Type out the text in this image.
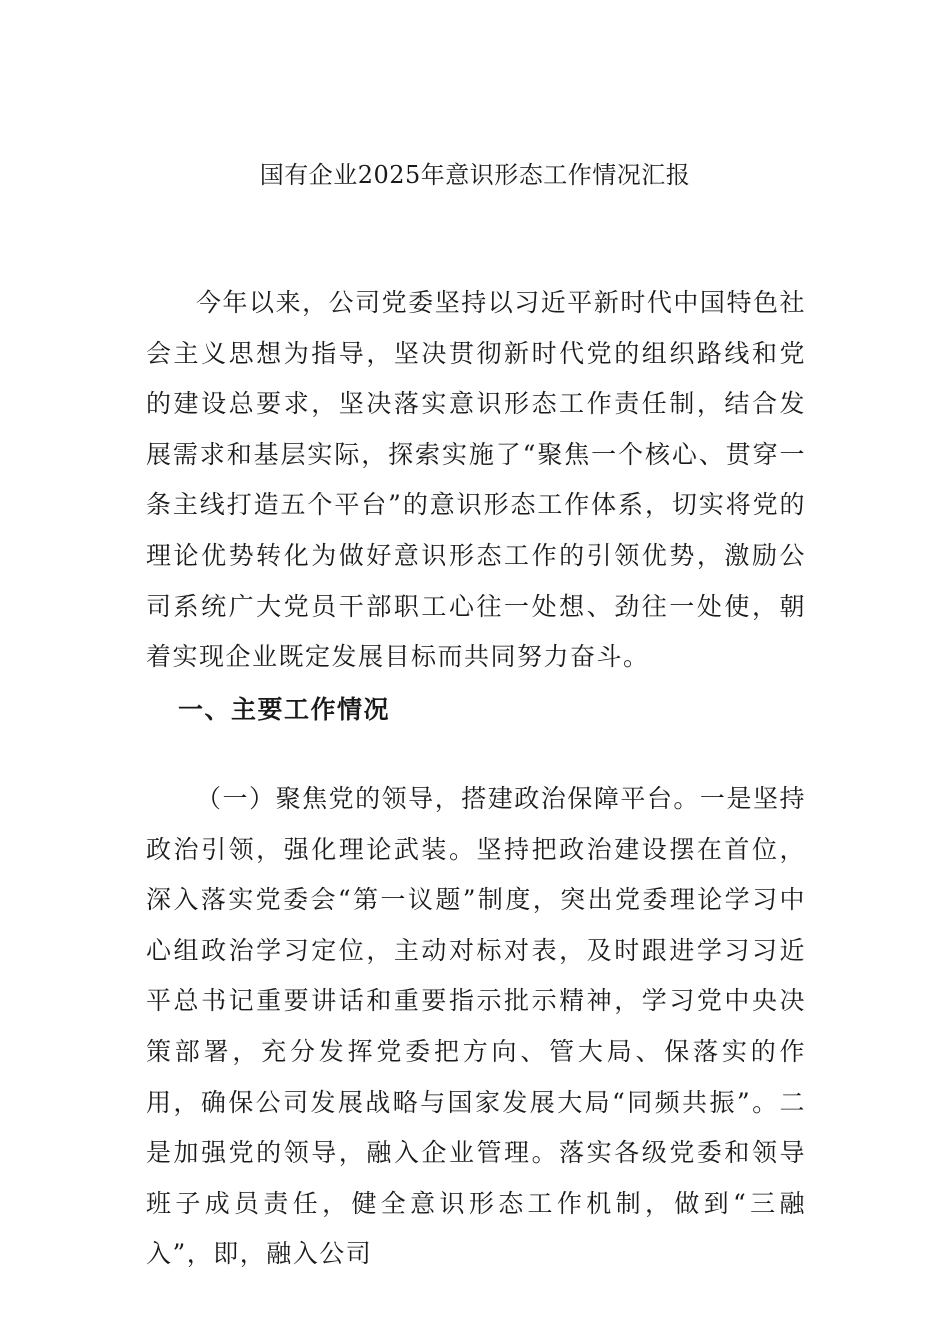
国有企业2025年意识形态工作情况汇报

今年以来，公司党委坚持以习近平新时代中国特色社会主义思想为指导，坚决贯彻新时代党的组织路线和党的建设总要求，坚决落实意识形态工作责任制，结合发展需求和基层实际，探索实施了“聚焦一个核心、贯穿一条主线打造五个平台”的意识形态工作体系，切实将党的理论优势转化为做好意识形态工作的引领优势，激励公司系统广大党员干部职工心往一处想、劲往一处使，朝着实现企业既定发展目标而共同努力奋斗。

一、主要工作情况

（一）聚焦党的领导，搭建政治保障平台。一是坚持政治引领，强化理论武装。坚持把政治建设摆在首位，深入落实党委会“第一议题”制度，突出党委理论学习中心组政治学习定位，主动对标对表，及时跟进学习习近平总书记重要讲话和重要指示批示精神，学习党中央决策部署，充分发挥党委把方向、管大局、保落实的作用，确保公司发展战略与国家发展大局“同频共振”。二是加强党的领导，融入企业管理。落实各级党委和领导班子成员责任，健全意识形态工作机制，做到“三融入”，即，融入公司
